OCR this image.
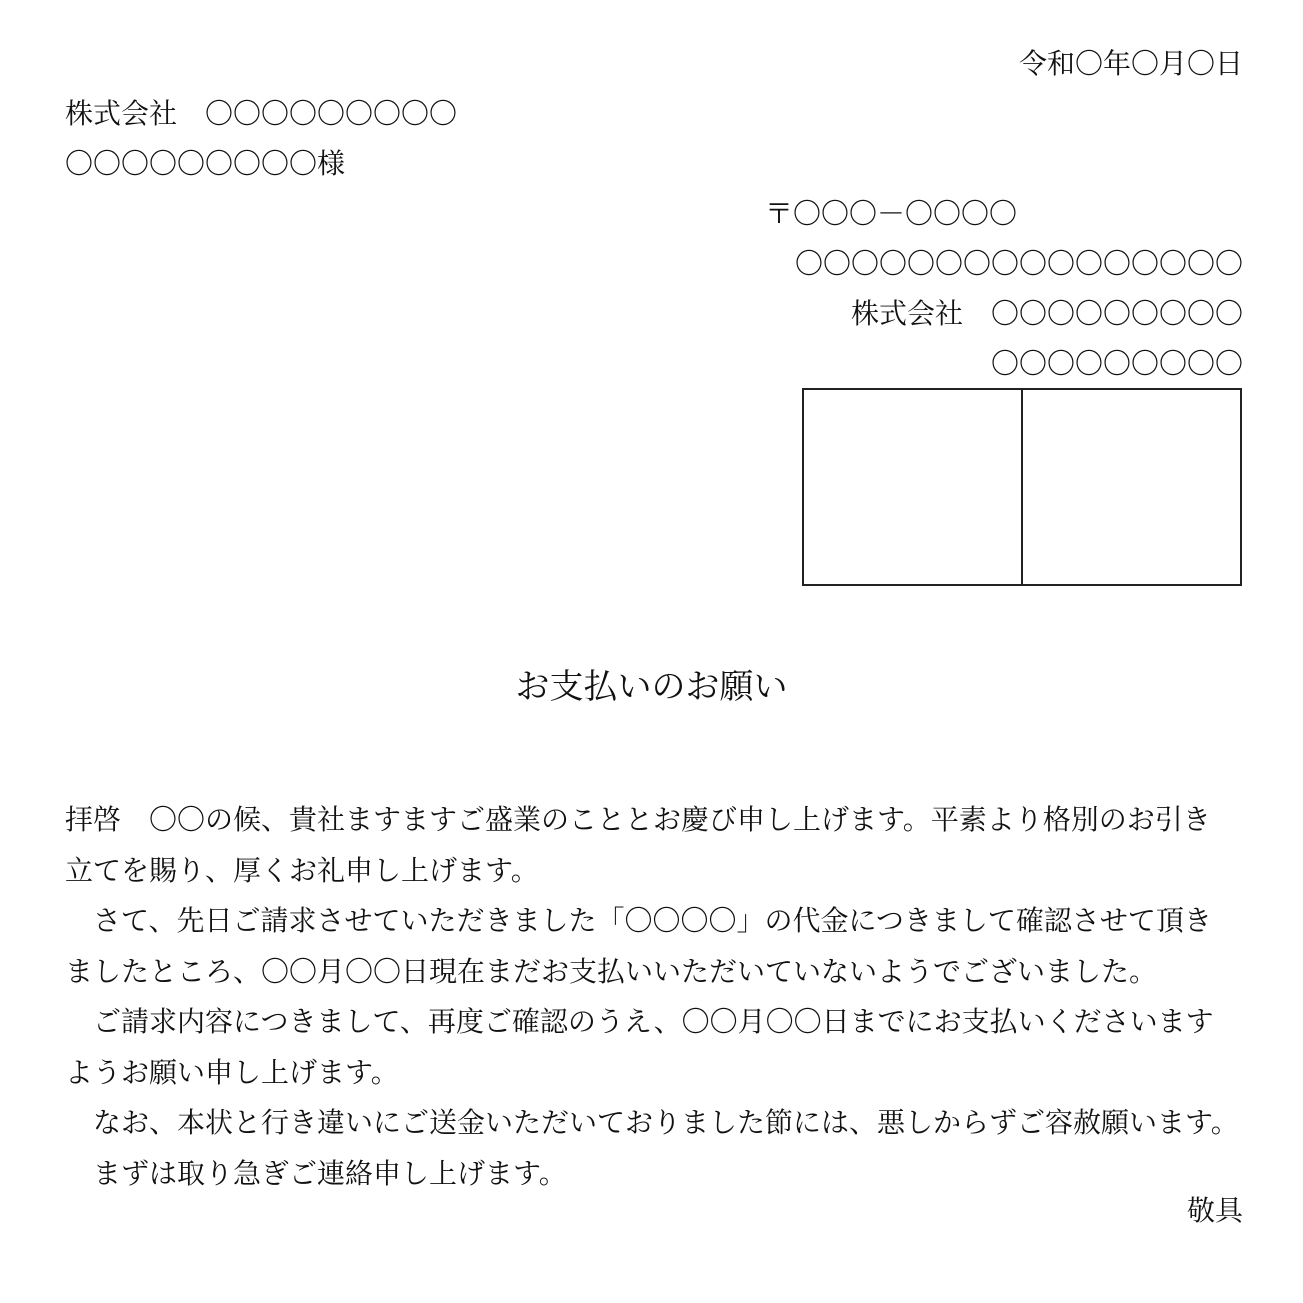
令和〇年〇月〇日
株式会社　〇〇〇〇〇〇〇〇〇
〇〇〇〇〇〇〇〇〇様
〒〇〇〇－〇〇〇〇
〇〇〇〇〇〇〇〇〇〇〇〇〇〇〇〇
株式会社　〇〇〇〇〇〇〇〇〇
〇〇〇〇〇〇〇〇〇
お支払いのお願い

拝啓　〇〇の候、貴社ますますご盛業のこととお慶び申し上げます。平素より格別のお引き

立てを賜り、厚くお礼申し上げます。

　さて、先日ご請求させていただきました「〇〇〇〇」の代金につきまして確認させて頂き

ましたところ、〇〇月〇〇日現在まだお支払いいただいていないようでございました。

　ご請求内容につきまして、再度ご確認のうえ、〇〇月〇〇日までにお支払いくださいます

ようお願い申し上げます。

　なお、本状と行き違いにご送金いただいておりました節には、悪しからずご容赦願います。

　まずは取り急ぎご連絡申し上げます。

敬具
